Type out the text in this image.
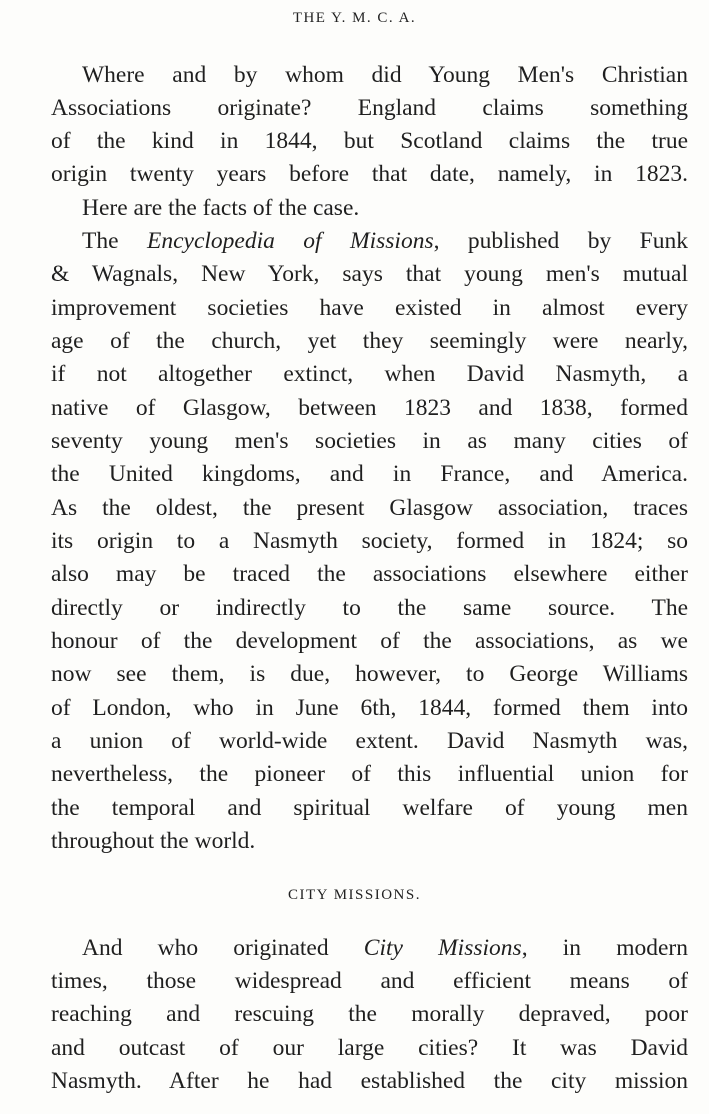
THE Y. M. C. A.
Where and by whom did Young Men's Christian
Associations originate? England claims something
of the kind in 1844, but Scotland claims the true
origin twenty years before that date, namely, in 1823.
Here are the facts of the case.
The Encyclopedia of Missions, published by Funk
& Wagnals, New York, says that young men's mutual
improvement societies have existed in almost every
age of the church, yet they seemingly were nearly,
if not altogether extinct, when David Nasmyth, a
native of Glasgow, between 1823 and 1838, formed
seventy young men's societies in as many cities of
the United kingdoms, and in France, and America.
As the oldest, the present Glasgow association, traces
its origin to a Nasmyth society, formed in 1824; so
also may be traced the associations elsewhere either
directly or indirectly to the same source. The
honour of the development of the associations, as we
now see them, is due, however, to George Williams
of London, who in June 6th, 1844, formed them into
a union of world-wide extent. David Nasmyth was,
nevertheless, the pioneer of this influential union for
the temporal and spiritual welfare of young men
throughout the world.
CITY MISSIONS.
And who originated City Missions, in modern
times, those widespread and efficient means of
reaching and rescuing the morally depraved, poor
and outcast of our large cities? It was David
Nasmyth. After he had established the city mission
